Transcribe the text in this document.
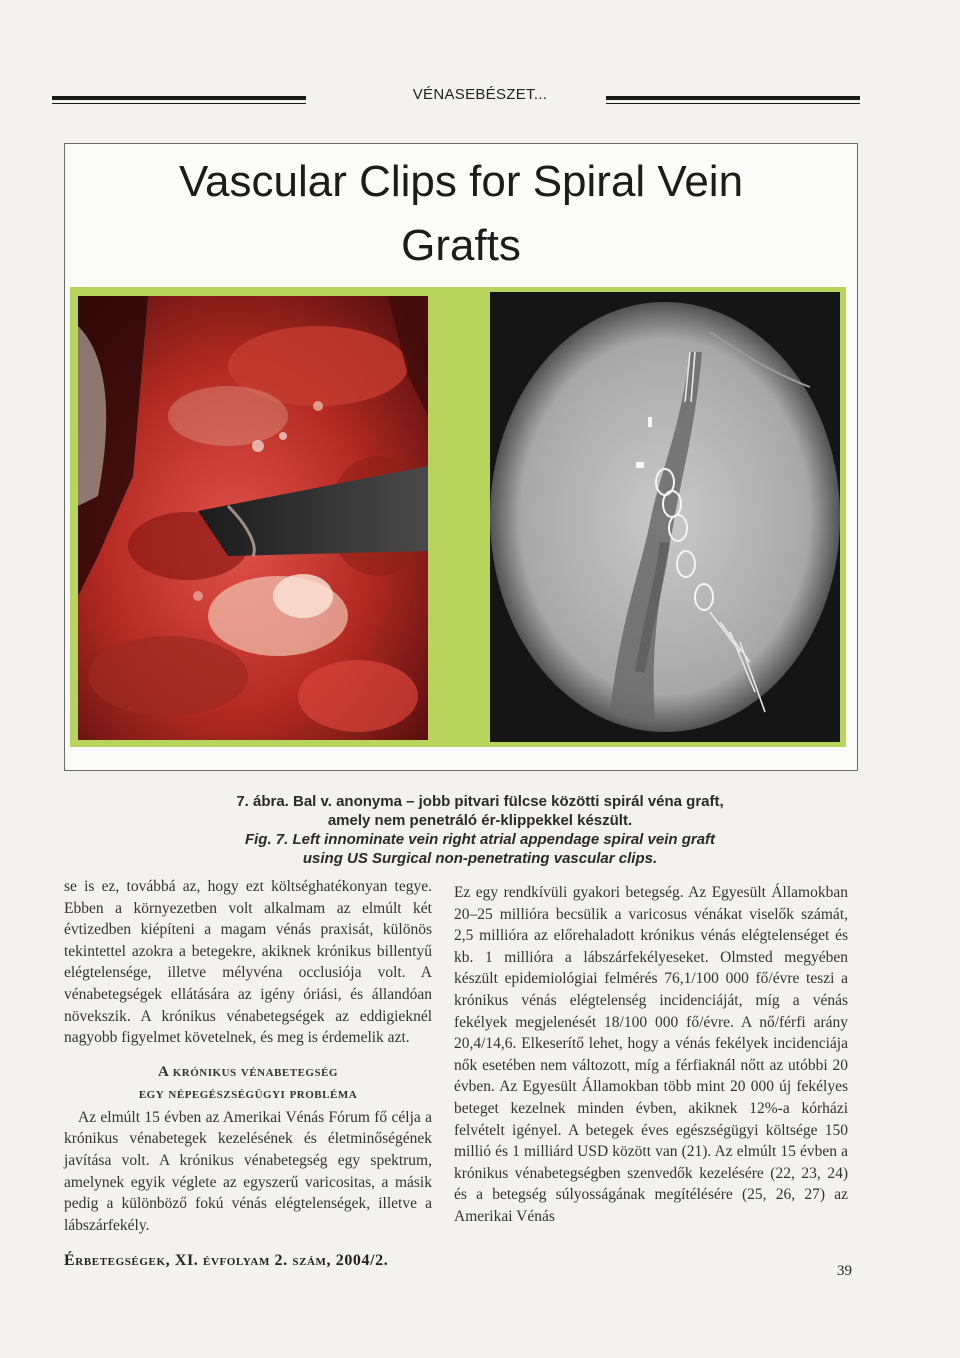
VÉNASEBÉSZET...
Vascular Clips for Spiral Vein
Grafts
7. ábra. Bal v. anonyma – jobb pitvari fülcse közötti spirál véna graft,
amely nem penetráló ér-klippekkel készült.
Fig. 7. Left innominate vein right atrial appendage spiral vein graft
using US Surgical non-penetrating vascular clips.

se is ez, továbbá az, hogy ezt költséghatékonyan tegye. Ebben a környezetben volt alkalmam az elmúlt két évtizedben kiépíteni a magam vénás praxisát, különös tekintettel azokra a betegekre, akiknek krónikus billentyű elégtelensége, illetve mélyvéna occlusiója volt. A vénabetegségek ellátására az igény óriási, és állandóan növekszik. A krónikus vénabetegségek az eddigieknél nagyobb figyelmet követelnek, és meg is érdemelik azt.

A krónikus vénabetegség
egy népegészségügyi probléma

Az elmúlt 15 évben az Amerikai Vénás Fórum fő célja a krónikus vénabetegek kezelésének és életminőségének javítása volt. A krónikus vénabetegség egy spektrum, amelynek egyik véglete az egyszerű varicositas, a másik pedig a különböző fokú vénás elégtelenségek, illetve a lábszárfekély.

Ez egy rendkívüli gyakori betegség. Az Egyesült Államokban 20–25 millióra becsülik a varicosus vénákat viselők számát, 2,5 millióra az előrehaladott krónikus vénás elégtelenséget és kb. 1 millióra a lábszárfekélyeseket. Olmsted megyében készült epidemiológiai felmérés 76,1/100 000 fő/évre teszi a krónikus vénás elégtelenség incidenciáját, míg a vénás fekélyek megjelenését 18/100 000 fő/évre. A nő/férfi arány 20,4/14,6. Elkeserítő lehet, hogy a vénás fekélyek incidenciája nők esetében nem változott, míg a férfiaknál nőtt az utóbbi 20 évben. Az Egyesült Államokban több mint 20 000 új fekélyes beteget kezelnek minden évben, akiknek 12%-a kórházi felvételt igényel. A betegek éves egészségügyi költsége 150 millió és 1 milliárd USD között van (21). Az elmúlt 15 évben a krónikus vénabetegségben szenvedők kezelésére (22, 23, 24) és a betegség súlyosságának megítélésére (25, 26, 27) az Amerikai Vénás

Érbetegségek, XI. évfolyam 2. szám, 2004/2.
39
